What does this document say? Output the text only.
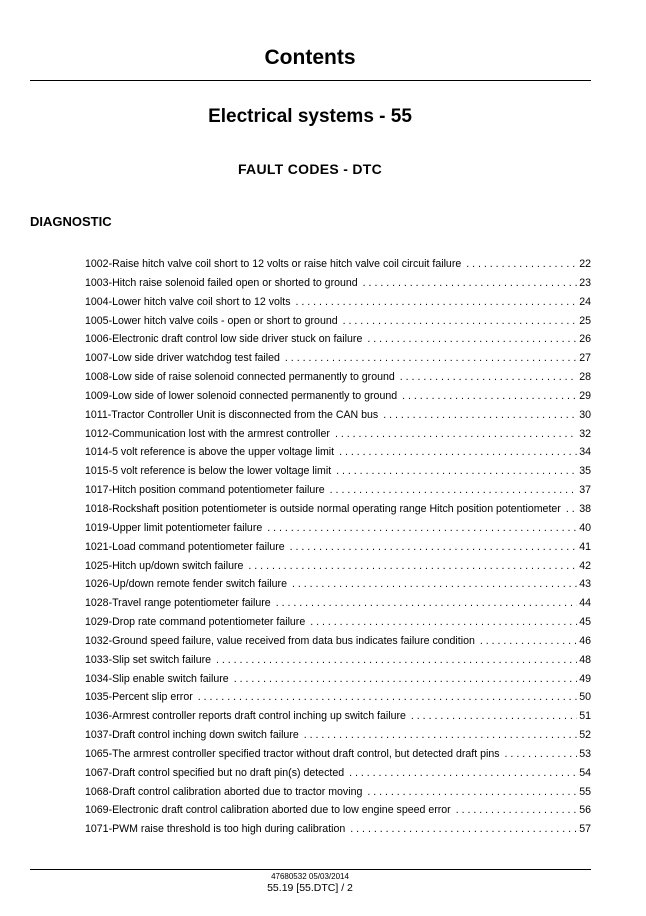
Contents
Electrical systems - 55
FAULT CODES - DTC
DIAGNOSTIC
1002-Raise hitch valve coil short to 12 volts or raise hitch valve coil circuit failure . . .	22
1003-Hitch raise solenoid failed open or shorted to ground . . .	23
1004-Lower hitch valve coil short to 12 volts . . .	24
1005-Lower hitch valve coils - open or short to ground . . .	25
1006-Electronic draft control low side driver stuck on failure . . .	26
1007-Low side driver watchdog test failed . . .	27
1008-Low side of raise solenoid connected permanently to ground . . .	28
1009-Low side of lower solenoid connected permanently to ground . . .	29
1011-Tractor Controller Unit is disconnected from the CAN bus . . .	30
1012-Communication lost with the armrest controller . . .	32
1014-5 volt reference is above the upper voltage limit . . .	34
1015-5 volt reference is below the lower voltage limit . . .	35
1017-Hitch position command potentiometer failure . . .	37
1018-Rockshaft position potentiometer is outside normal operating range Hitch position potentiometer . . . 38
1019-Upper limit potentiometer failure . . .	40
1021-Load command potentiometer failure . . .	41
1025-Hitch up/down switch failure . . .	42
1026-Up/down remote fender switch failure . . .	43
1028-Travel range potentiometer failure . . .	44
1029-Drop rate command potentiometer failure . . .	45
1032-Ground speed failure, value received from data bus indicates failure condition . . .	46
1033-Slip set switch failure . . .	48
1034-Slip enable switch failure . . .	49
1035-Percent slip error . . .	50
1036-Armrest controller reports draft control inching up switch failure . . .	51
1037-Draft control inching down switch failure . . .	52
1065-The armrest controller specified tractor without draft control, but detected draft pins . . .	53
1067-Draft control specified but no draft pin(s) detected . . .	54
1068-Draft control calibration aborted due to tractor moving . . .	55
1069-Electronic draft control calibration aborted due to low engine speed error . . .	56
1071-PWM raise threshold is too high during calibration . . .	57
47680532 05/03/2014
55.19 [55.DTC] / 2
